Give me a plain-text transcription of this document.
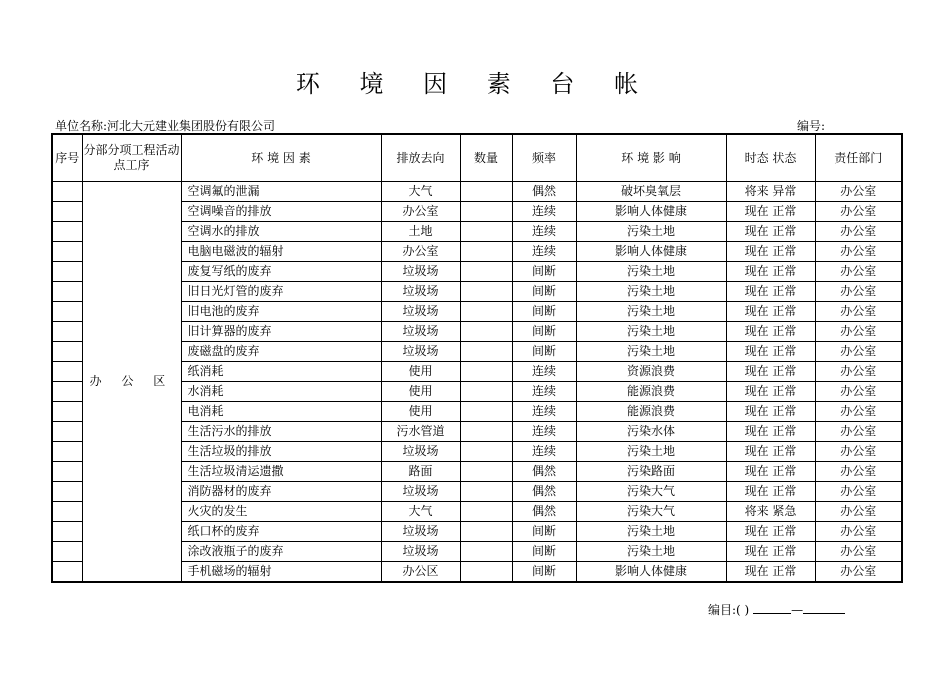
环 境 因 素 台 帐
单位名称:河北大元建业集团股份有限公司	编号:
序号	分部分项工程活动点工序	环 境 因 素	排放去向	数量	频率	环 境 影 响	时态 状态	责任部门
	办 公 区	空调氟的泄漏	大气		偶然	破坏臭氧层	将来 异常	办公室
		空调噪音的排放	办公室		连续	影响人体健康	现在 正常	办公室
		空调水的排放	土地		连续	污染土地	现在 正常	办公室
		电脑电磁波的辐射	办公室		连续	影响人体健康	现在 正常	办公室
		废复写纸的废弃	垃圾场		间断	污染土地	现在 正常	办公室
		旧日光灯管的废弃	垃圾场		间断	污染土地	现在 正常	办公室
		旧电池的废弃	垃圾场		间断	污染土地	现在 正常	办公室
		旧计算器的废弃	垃圾场		间断	污染土地	现在 正常	办公室
		废磁盘的废弃	垃圾场		间断	污染土地	现在 正常	办公室
		纸消耗	使用		连续	资源浪费	现在 正常	办公室
		水消耗	使用		连续	能源浪费	现在 正常	办公室
		电消耗	使用		连续	能源浪费	现在 正常	办公室
		生活污水的排放	污水管道		连续	污染水体	现在 正常	办公室
		生活垃圾的排放	垃圾场		连续	污染土地	现在 正常	办公室
		生活垃圾清运遗撒	路面		偶然	污染路面	现在 正常	办公室
		消防器材的废弃	垃圾场		偶然	污染大气	现在 正常	办公室
		火灾的发生	大气		偶然	污染大气	将来 紧急	办公室
		纸口杯的废弃	垃圾场		间断	污染土地	现在 正常	办公室
		涂改液瓶子的废弃	垃圾场		间断	污染土地	现在 正常	办公室
		手机磁场的辐射	办公区		间断	影响人体健康	现在 正常	办公室
编目:( )	—
